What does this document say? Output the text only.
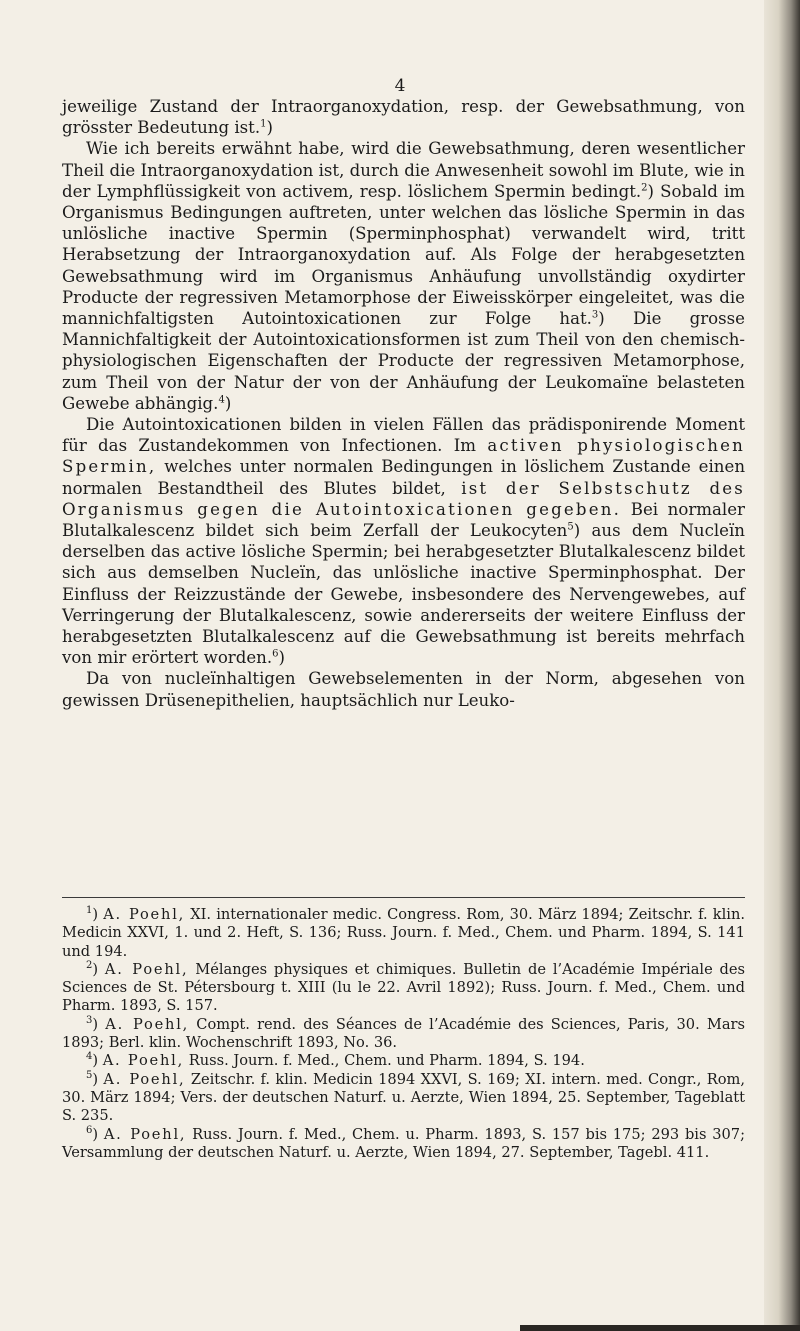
4

jeweilige Zustand der Intraorganoxydation, resp. der Gewebsathmung, von grösster Bedeutung ist.$^1$)

Wie ich bereits erwähnt habe, wird die Gewebsathmung, deren wesentlicher Theil die Intraorganoxydation ist, durch die Anwesenheit sowohl im Blute, wie in der Lymphflüssigkeit von activem, resp. löslichem Spermin bedingt.$^2$) Sobald im Organismus Bedingungen auftreten, unter welchen das lösliche Spermin in das unlösliche inactive Spermin (Sperminphosphat) verwandelt wird, tritt Herabsetzung der Intraorganoxydation auf. Als Folge der herabgesetzten Gewebsathmung wird im Organismus Anhäufung unvollständig oxydirter Producte der regressiven Metamorphose der Eiweisskörper eingeleitet, was die mannichfaltigsten Autointoxicationen zur Folge hat.$^3$) Die grosse Mannichfaltigkeit der Autointoxicationsformen ist zum Theil von den chemisch-physiologischen Eigenschaften der Producte der regressiven Metamorphose, zum Theil von der Natur der von der Anhäufung der Leukomaïne belasteten Gewebe abhängig.$^4$)

Die Autointoxicationen bilden in vielen Fällen das prädisponirende Moment für das Zustandekommen von Infectionen. Im activen physiologischen Spermin, welches unter normalen Bedingungen in löslichem Zustande einen normalen Bestandtheil des Blutes bildet, ist der Selbstschutz des Organismus gegen die Autointoxicationen gegeben. Bei normaler Blutalkalescenz bildet sich beim Zerfall der Leukocyten$^5$) aus dem Nucleïn derselben das active lösliche Spermin; bei herabgesetzter Blutalkalescenz bildet sich aus demselben Nucleïn, das unlösliche inactive Sperminphosphat. Der Einfluss der Reizzustände der Gewebe, insbesondere des Nervengewebes, auf Verringerung der Blutalkalescenz, sowie andererseits der weitere Einfluss der herabgesetzten Blutalkalescenz auf die Gewebsathmung ist bereits mehrfach von mir erörtert worden.$^6$)

Da von nucleïnhaltigen Gewebselementen in der Norm, abgesehen von gewissen Drüsenepithelien, hauptsächlich nur Leuko-

$^1$) A. Poehl, XI. internationaler medic. Congress. Rom, 30. März 1894; Zeitschr. f. klin. Medicin XXVI, 1. und 2. Heft, S. 136; Russ. Journ. f. Med., Chem. und Pharm. 1894, S. 141 und 194.

$^2$) A. Poehl, Mélanges physiques et chimiques. Bulletin de l’Académie Impériale des Sciences de St. Pétersbourg t. XIII (lu le 22. Avril 1892); Russ. Journ. f. Med., Chem. und Pharm. 1893, S. 157.

$^3$) A. Poehl, Compt. rend. des Séances de l’Académie des Sciences, Paris, 30. Mars 1893; Berl. klin. Wochenschrift 1893, No. 36.

$^4$) A. Poehl, Russ. Journ. f. Med., Chem. und Pharm. 1894, S. 194.

$^5$) A. Poehl, Zeitschr. f. klin. Medicin 1894 XXVI, S. 169; XI. intern. med. Congr., Rom, 30. März 1894; Vers. der deutschen Naturf. u. Aerzte, Wien 1894, 25. September, Tageblatt S. 235.

$^6$) A. Poehl, Russ. Journ. f. Med., Chem. u. Pharm. 1893, S. 157 bis 175; 293 bis 307; Versammlung der deutschen Naturf. u. Aerzte, Wien 1894, 27. September, Tagebl. 411.
